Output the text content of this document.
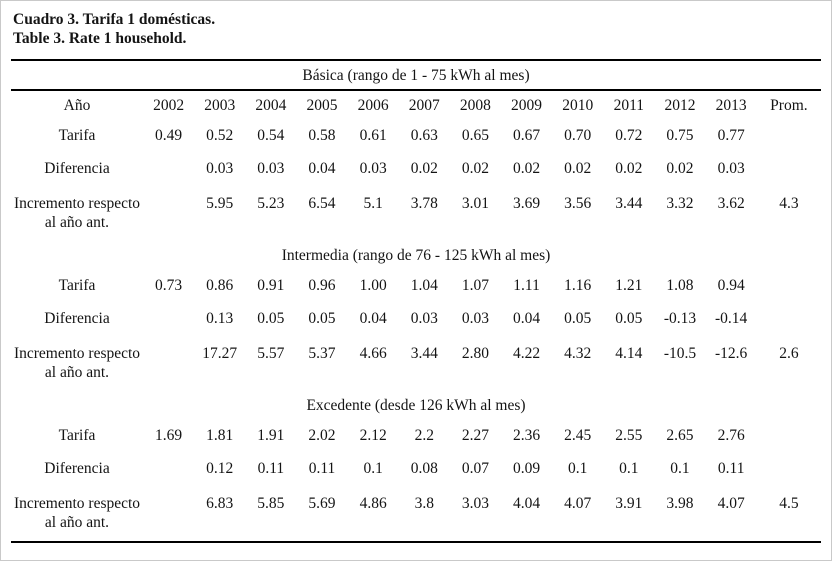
Cuadro 3. Tarifa 1 domésticas.
Table 3. Rate 1 household.
Básica (rango de 1 - 75 kWh al mes)													
Año	2002	2003	2004	2005	2006	2007	2008	2009	2010	2011	2012	2013	Prom.
Tarifa	0.49	0.52	0.54	0.58	0.61	0.63	0.65	0.67	0.70	0.72	0.75	0.77	
Diferencia		0.03	0.03	0.04	0.03	0.02	0.02	0.02	0.02	0.02	0.02	0.03	
Incremento respecto al año ant.		5.95	5.23	6.54	5.1	3.78	3.01	3.69	3.56	3.44	3.32	3.62	4.3
Intermedia (rango de 76 - 125 kWh al mes)													
Tarifa	0.73	0.86	0.91	0.96	1.00	1.04	1.07	1.11	1.16	1.21	1.08	0.94	
Diferencia		0.13	0.05	0.05	0.04	0.03	0.03	0.04	0.05	0.05	-0.13	-0.14	
Incremento respecto al año ant.		17.27	5.57	5.37	4.66	3.44	2.80	4.22	4.32	4.14	-10.5	-12.6	2.6
Excedente (desde 126 kWh al mes)													
Tarifa	1.69	1.81	1.91	2.02	2.12	2.2	2.27	2.36	2.45	2.55	2.65	2.76	
Diferencia		0.12	0.11	0.11	0.1	0.08	0.07	0.09	0.1	0.1	0.1	0.11	
Incremento respecto al año ant.		6.83	5.85	5.69	4.86	3.8	3.03	4.04	4.07	3.91	3.98	4.07	4.5
